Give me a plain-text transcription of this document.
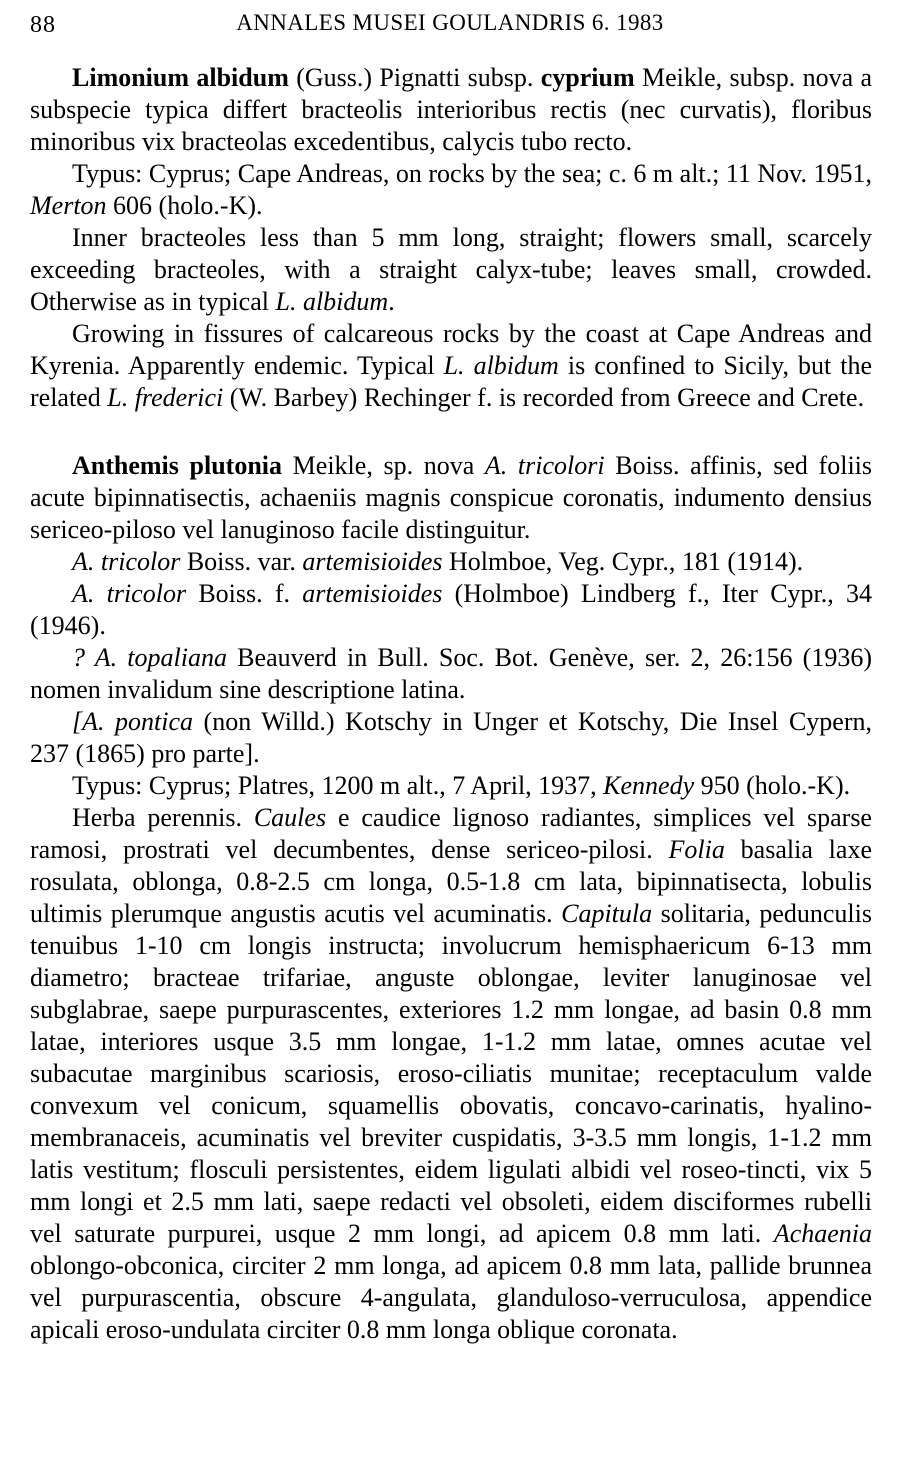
88	ANNALES MUSEI GOULANDRIS 6. 1983

Limonium albidum (Guss.) Pignatti subsp. cyprium Meikle, subsp. nova a subspecie typica differt bracteolis interioribus rectis (nec curvatis), floribus minoribus vix bracteolas excedentibus, calycis tubo recto.

Typus: Cyprus; Cape Andreas, on rocks by the sea; c. 6 m alt.; 11 Nov. 1951, Merton 606 (holo.-K).

Inner bracteoles less than 5 mm long, straight; flowers small, scarcely exceeding bracteoles, with a straight calyx-tube; leaves small, crowded. Otherwise as in typical L. albidum.

Growing in fissures of calcareous rocks by the coast at Cape Andreas and Kyrenia. Apparently endemic. Typical L. albidum is confined to Sicily, but the related L. frederici (W. Barbey) Rechinger f. is recorded from Greece and Crete.

Anthemis plutonia Meikle, sp. nova A. tricolori Boiss. affinis, sed foliis acute bipinnatisectis, achaeniis magnis conspicue coronatis, indumento densius sericeo-piloso vel lanuginoso facile distinguitur.

A. tricolor Boiss. var. artemisioides Holmboe, Veg. Cypr., 181 (1914).

A. tricolor Boiss. f. artemisioides (Holmboe) Lindberg f., Iter Cypr., 34 (1946).

? A. topaliana Beauverd in Bull. Soc. Bot. Genève, ser. 2, 26:156 (1936) nomen invalidum sine descriptione latina.

[A. pontica (non Willd.) Kotschy in Unger et Kotschy, Die Insel Cypern, 237 (1865) pro parte].

Typus: Cyprus; Platres, 1200 m alt., 7 April, 1937, Kennedy 950 (holo.-K).

Herba perennis. Caules e caudice lignoso radiantes, simplices vel sparse ramosi, prostrati vel decumbentes, dense sericeo-pilosi. Folia basalia laxe rosulata, oblonga, 0.8-2.5 cm longa, 0.5-1.8 cm lata, bipinnatisecta, lobulis ultimis plerumque angustis acutis vel acuminatis. Capitula solitaria, pedunculis tenuibus 1-10 cm longis instructa; involucrum hemisphaericum 6-13 mm diametro; bracteae trifariae, anguste oblongae, leviter lanuginosae vel subglabrae, saepe purpurascentes, exteriores 1.2 mm longae, ad basin 0.8 mm latae, interiores usque 3.5 mm longae, 1-1.2 mm latae, omnes acutae vel subacutae marginibus scariosis, eroso-ciliatis munitae; receptaculum valde convexum vel conicum, squamellis obovatis, concavo-carinatis, hyalino-membranaceis, acuminatis vel breviter cuspidatis, 3-3.5 mm longis, 1-1.2 mm latis vestitum; flosculi persistentes, eidem ligulati albidi vel roseo-tincti, vix 5 mm longi et 2.5 mm lati, saepe redacti vel obsoleti, eidem disciformes rubelli vel saturate purpurei, usque 2 mm longi, ad apicem 0.8 mm lati. Achaenia oblongo-obconica, circiter 2 mm longa, ad apicem 0.8 mm lata, pallide brunnea vel purpurascentia, obscure 4-angulata, glanduloso-verruculosa, appendice apicali eroso-undulata circiter 0.8 mm longa oblique coronata.
